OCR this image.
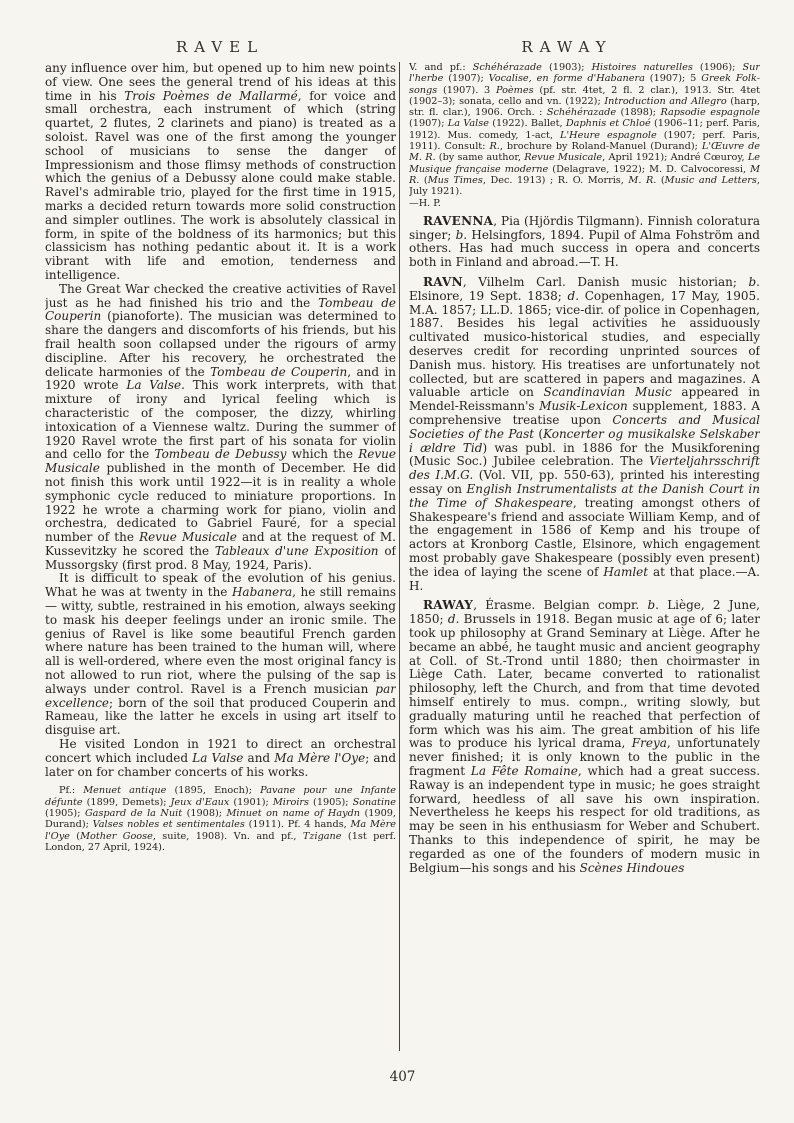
RAVEL	RAWAY

any influence over him, but opened up to him new points of view. One sees the general trend of his ideas at this time in his Trois Poèmes de Mallarmé, for voice and small orchestra, each instrument of which (string quartet, 2 flutes, 2 clarinets and piano) is treated as a soloist. Ravel was one of the first among the younger school of musicians to sense the danger of Impressionism and those flimsy methods of construction which the genius of a Debussy alone could make stable. Ravel's admirable trio, played for the first time in 1915, marks a decided return towards more solid construction and simpler outlines. The work is absolutely classical in form, in spite of the boldness of its harmonics; but this classicism has nothing pedantic about it. It is a work vibrant with life and emotion, tenderness and intelligence.

The Great War checked the creative activities of Ravel just as he had finished his trio and the Tombeau de Couperin (pianoforte). The musician was determined to share the dangers and discomforts of his friends, but his frail health soon collapsed under the rigours of army discipline. After his recovery, he orchestrated the delicate harmonies of the Tombeau de Couperin, and in 1920 wrote La Valse. This work interprets, with that mixture of irony and lyrical feeling which is characteristic of the composer, the dizzy, whirling intoxication of a Viennese waltz. During the summer of 1920 Ravel wrote the first part of his sonata for violin and cello for the Tombeau de Debussy which the Revue Musicale published in the month of December. He did not finish this work until 1922—it is in reality a whole symphonic cycle reduced to miniature proportions. In 1922 he wrote a charming work for piano, violin and orchestra, dedicated to Gabriel Fauré, for a special number of the Revue Musicale and at the request of M. Kussevitzky he scored the Tableaux d'une Exposition of Mussorgsky (first prod. 8 May, 1924, Paris).

It is difficult to speak of the evolution of his genius. What he was at twenty in the Habanera, he still remains — witty, subtle, restrained in his emotion, always seeking to mask his deeper feelings under an ironic smile. The genius of Ravel is like some beautiful French garden where nature has been trained to the human will, where all is well-ordered, where even the most original fancy is not allowed to run riot, where the pulsing of the sap is always under control. Ravel is a French musician par excellence; born of the soil that produced Couperin and Rameau, like the latter he excels in using art itself to disguise art.

He visited London in 1921 to direct an orchestral concert which included La Valse and Ma Mère l'Oye; and later on for chamber concerts of his works.

Pf.: Menuet antique (1895, Enoch); Pavane pour une Infante défunte (1899, Demets); Jeux d'Eaux (1901); Miroirs (1905); Sonatine (1905); Gaspard de la Nuit (1908); Minuet on name of Haydn (1909, Durand); Valses nobles et sentimentales (1911). Pf. 4 hands, Ma Mère l'Oye (Mother Goose, suite, 1908). Vn. and pf., Tzigane (1st perf. London, 27 April, 1924).

V. and pf.: Schéhérazade (1903); Histoires naturelles (1906); Sur l'herbe (1907); Vocalise, en forme d'Habanera (1907); 5 Greek Folk-songs (1907). 3 Poèmes (pf. str. 4tet, 2 fl. 2 clar.), 1913. Str. 4tet (1902–3); sonata, cello and vn. (1922); Introduction and Allegro (harp, str. fl. clar.), 1906. Orch. : Schéhérazade (1898); Rapsodie espagnole (1907); La Valse (1922). Ballet, Daphnis et Chloé (1906–11; perf. Paris, 1912). Mus. comedy, 1-act, L'Heure espagnole (1907; perf. Paris, 1911). Consult: R., brochure by Roland-Manuel (Durand); L'Œuvre de M. R. (by same author, Revue Musicale, April 1921); André Cœuroy, Le Musique française moderne (Delagrave, 1922); M. D. Calvocoressi, M R. (Mus Times, Dec. 1913) ; R. O. Morris, M. R. (Music and Letters, July 1921).
—H. P.

RAVENNA, Pia (Hjördis Tilgmann). Finnish coloratura singer; b. Helsingfors, 1894. Pupil of Alma Fohström and others. Has had much success in opera and concerts both in Finland and abroad.—T. H.

RAVN, Vilhelm Carl. Danish music historian; b. Elsinore, 19 Sept. 1838; d. Copenhagen, 17 May, 1905. M.A. 1857; LL.D. 1865; vice-dir. of police in Copenhagen, 1887. Besides his legal activities he assiduously cultivated musico-historical studies, and especially deserves credit for recording unprinted sources of Danish mus. history. His treatises are unfortunately not collected, but are scattered in papers and magazines. A valuable article on Scandinavian Music appeared in Mendel-Reissmann's Musik-Lexicon supplement, 1883. A comprehensive treatise upon Concerts and Musical Societies of the Past (Koncerter og musikalske Selskaber i ældre Tid) was publ. in 1886 for the Musikforening (Music Soc.) Jubilee celebration. The Vierteljahrsschrift des I.M.G. (Vol. VII, pp. 550-63), printed his interesting essay on English Instrumentalists at the Danish Court in the Time of Shakespeare, treating amongst others of Shakespeare's friend and associate William Kemp, and of the engagement in 1586 of Kemp and his troupe of actors at Kronborg Castle, Elsinore, which engagement most probably gave Shakespeare (possibly even present) the idea of laying the scene of Hamlet at that place.—A. H.

RAWAY, Érasme. Belgian compr. b. Liège, 2 June, 1850; d. Brussels in 1918. Began music at age of 6; later took up philosophy at Grand Seminary at Liège. After he became an abbé, he taught music and ancient geography at Coll. of St.-Trond until 1880; then choirmaster in Liège Cath. Later, became converted to rationalist philosophy, left the Church, and from that time devoted himself entirely to mus. compn., writing slowly, but gradually maturing until he reached that perfection of form which was his aim. The great ambition of his life was to produce his lyrical drama, Freya, unfortunately never finished; it is only known to the public in the fragment La Fête Romaine, which had a great success. Raway is an independent type in music; he goes straight forward, heedless of all save his own inspiration. Nevertheless he keeps his respect for old traditions, as may be seen in his enthusiasm for Weber and Schubert. Thanks to this independence of spirit, he may be regarded as one of the founders of modern music in Belgium—his songs and his Scènes Hindoues

407
